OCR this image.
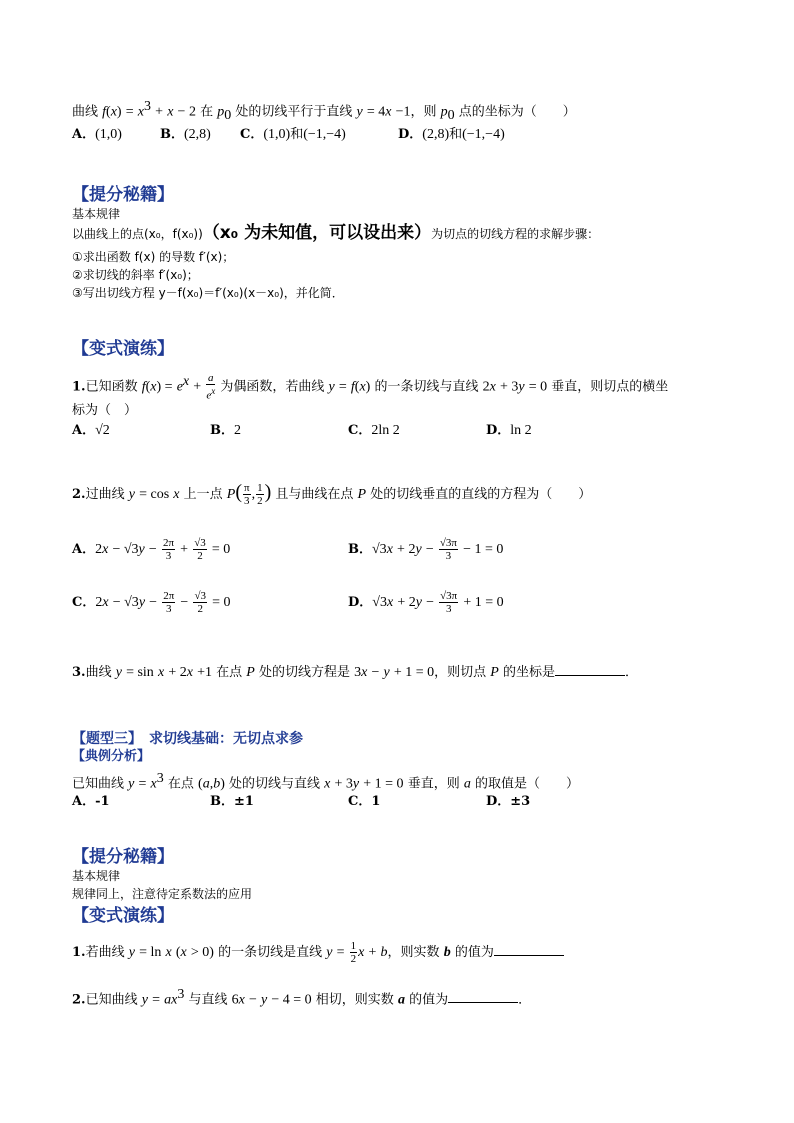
曲线 $f(x) = x^3 + x - 2$ 在 $p_0$ 处的切线平行于直线 y = 4x −1，则 $p_0$ 点的坐标为（　　）
A．(1,0)	B．(2,8) C．(1,0)和(−1,−4)	D．(2,8)和(−1,−4)
【提分秘籍】
基本规律
以曲线上的点(x₀，f(x₀))（x₀ 为未知值，可以设出来）为切点的切线方程的求解步骤：
①求出函数 f(x) 的导数 f′(x)；
②求切线的斜率 f′(x₀)；
③写出切线方程 y－f(x₀)＝f′(x₀)(x－x₀)，并化简．
【变式演练】
1.已知函数 $f(x) = e^x + \frac{a}{e^x}$ 为偶函数，若曲线 y = f(x) 的一条切线与直线 2x + 3y = 0 垂直，则切点的横坐
标为（　）
A．√2	B．2	C．2ln 2	D．ln 2
2.过曲线 y = cos x 上一点 $P( \frac{\pi}{3}$ , $\frac{1}{2}$ ) 且与曲线在点 P 处的切线垂直的直线的方程为（　　）
A．$2x - √3y - \frac{2\pi}{3} + \frac{√3}{2} = 0$	B．$√3x + 2y - \frac{√3\pi}{3} - 1 = 0$
C．$2x - √3y - \frac{2\pi}{3} - \frac{√3}{2} = 0$	D．$√3x + 2y - \frac{√3\pi}{3} + 1 = 0$
3.曲线 y = sin x + 2x +1 在点 P 处的切线方程是 3x − y + 1 = 0，则切点 P 的坐标是	．
【题型三】　求切线基础：无切点求参
【典例分析】
已知曲线 $y = x^3$ 在点 (a,b) 处的切线与直线 x + 3y + 1 = 0 垂直，则 a 的取值是（　　）
A．-1	B．±1	C．1	D．±3
【提分秘籍】
基本规律
规律同上，注意待定系数法的应用
【变式演练】
1.若曲线 y = ln x (x > 0) 的一条切线是直线 $y = \frac{1}{2}$ x + b，则实数 b 的值为
2.已知曲线 $y = ax^3$ 与直线 6x − y − 4 = 0 相切，则实数 a 的值为	．
